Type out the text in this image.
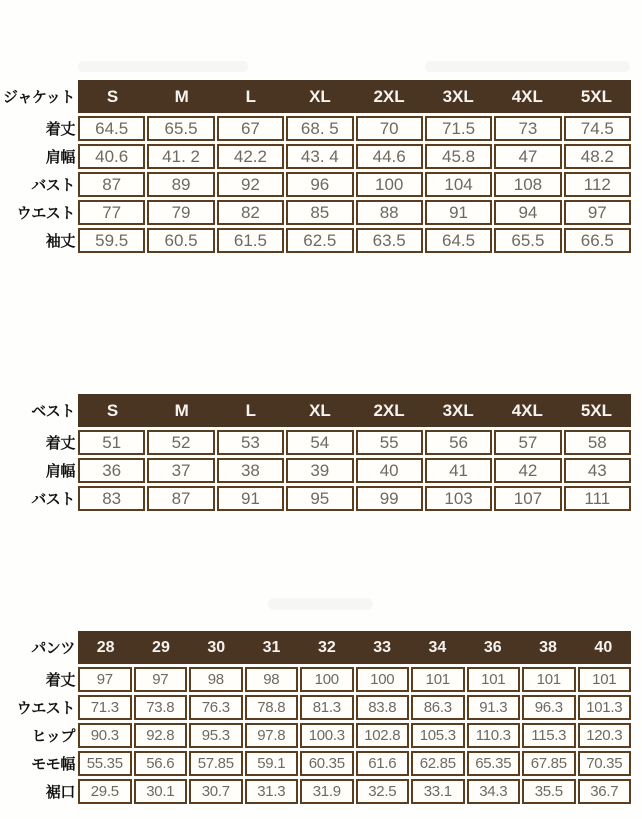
ジャケット	S	M	L	XL	2XL	3XL	4XL	5XL
着丈	64.5	65.5	67	68. 5	70	71.5	73	74.5
肩幅	40.6	41. 2	42.2	43. 4	44.6	45.8	47	48.2
バスト	87	89	92	96	100	104	108	112
ウエスト	77	79	82	85	88	91	94	97
袖丈	59.5	60.5	61.5	62.5	63.5	64.5	65.5	66.5
ベスト	S	M	L	XL	2XL	3XL	4XL	5XL
着丈	51	52	53	54	55	56	57	58
肩幅	36	37	38	39	40	41	42	43
バスト	83	87	91	95	99	103	107	111
パンツ	28	29	30	31	32	33	34	36	38	40
着丈	97	97	98	98	100	100	101	101	101	101
ウエスト	71.3	73.8	76.3	78.8	81.3	83.8	86.3	91.3	96.3	101.3
ヒップ	90.3	92.8	95.3	97.8	100.3	102.8	105.3	110.3	115.3	120.3
モモ幅 55.35	56.6	57.85	59.1	60.35	61.6	62.85	65.35	67.85	70.35
裾口	29.5	30.1	30.7	31.3	31.9	32.5	33.1	34.3	35.5	36.7
